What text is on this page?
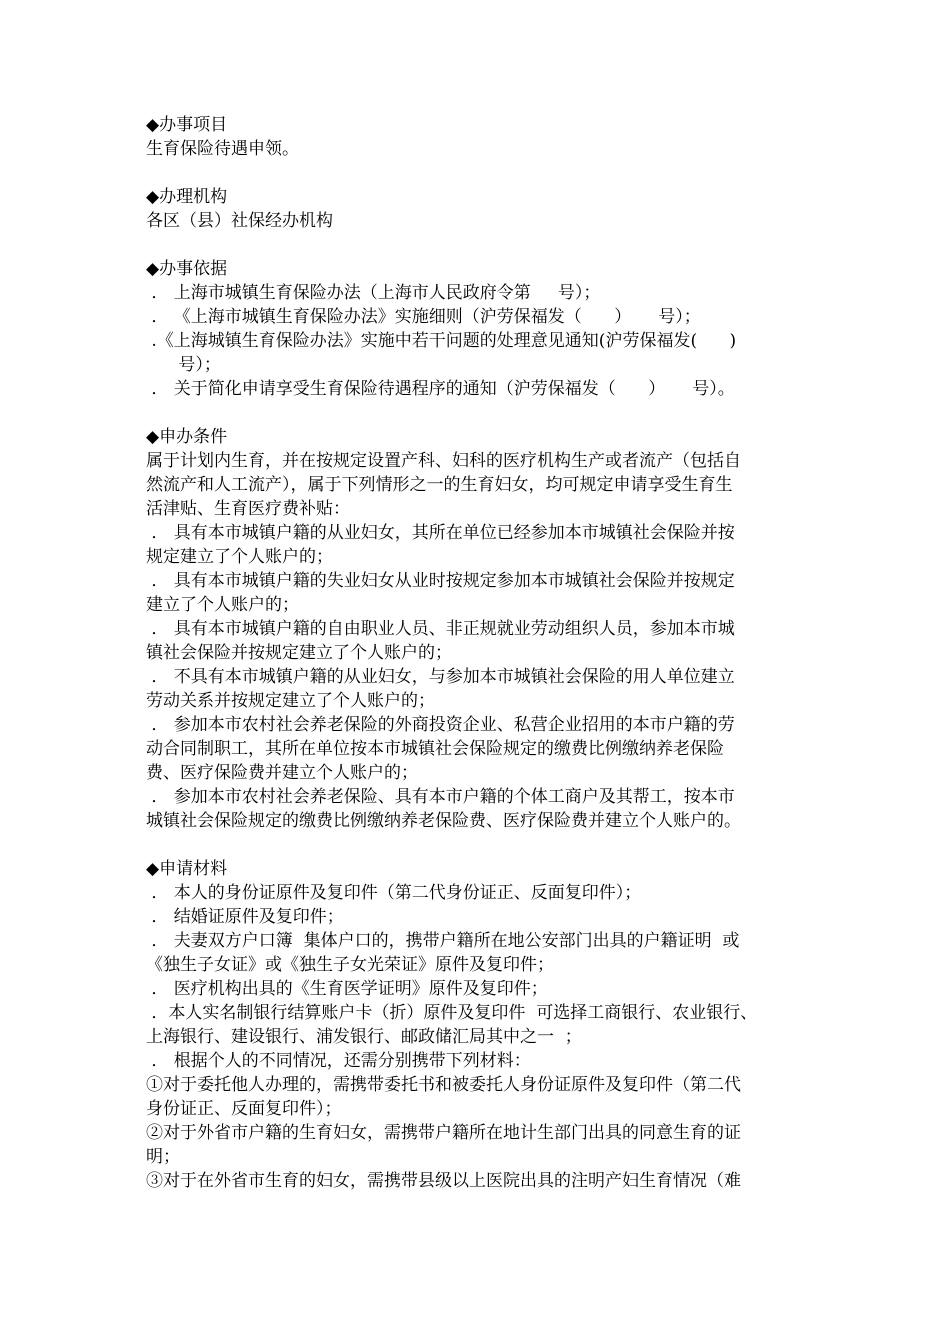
◆办事项目
生育保险待遇申领。
◆办理机构
各区（县）社保经办机构
◆办事依据
． 上海市城镇生育保险办法（上海市人民政府令第     号）；
． 《上海市城镇生育保险办法》实施细则（沪劳保福发（      ）     号）；
.《上海城镇生育保险办法》实施中若干问题的处理意见通知(沪劳保福发(      )
号）；
． 关于简化申请享受生育保险待遇程序的通知（沪劳保福发（      ）     号）。
◆申办条件
属于计划内生育，并在按规定设置产科、妇科的医疗机构生产或者流产（包括自
然流产和人工流产），属于下列情形之一的生育妇女，均可规定申请享受生育生
活津贴、生育医疗费补贴：
． 具有本市城镇户籍的从业妇女，其所在单位已经参加本市城镇社会保险并按
规定建立了个人账户的；
． 具有本市城镇户籍的失业妇女从业时按规定参加本市城镇社会保险并按规定
建立了个人账户的；
． 具有本市城镇户籍的自由职业人员、非正规就业劳动组织人员，参加本市城
镇社会保险并按规定建立了个人账户的；
． 不具有本市城镇户籍的从业妇女，与参加本市城镇社会保险的用人单位建立
劳动关系并按规定建立了个人账户的；
． 参加本市农村社会养老保险的外商投资企业、私营企业招用的本市户籍的劳
动合同制职工，其所在单位按本市城镇社会保险规定的缴费比例缴纳养老保险
费、医疗保险费并建立个人账户的；
． 参加本市农村社会养老保险、具有本市户籍的个体工商户及其帮工，按本市
城镇社会保险规定的缴费比例缴纳养老保险费、医疗保险费并建立个人账户的。
◆申请材料
． 本人的身份证原件及复印件（第二代身份证正、反面复印件）；
． 结婚证原件及复印件；
． 夫妻双方户口簿  集体户口的，携带户籍所在地公安部门出具的户籍证明  或
《独生子女证》或《独生子女光荣证》原件及复印件；
． 医疗机构出具的《生育医学证明》原件及复印件；
．本人实名制银行结算账户卡（折）原件及复印件  可选择工商银行、农业银行、
上海银行、建设银行、浦发银行、邮政储汇局其中之一  ；
． 根据个人的不同情况，还需分别携带下列材料：
①对于委托他人办理的，需携带委托书和被委托人身份证原件及复印件（第二代
身份证正、反面复印件）；
②对于外省市户籍的生育妇女，需携带户籍所在地计生部门出具的同意生育的证
明；
③对于在外省市生育的妇女，需携带县级以上医院出具的注明产妇生育情况（难
